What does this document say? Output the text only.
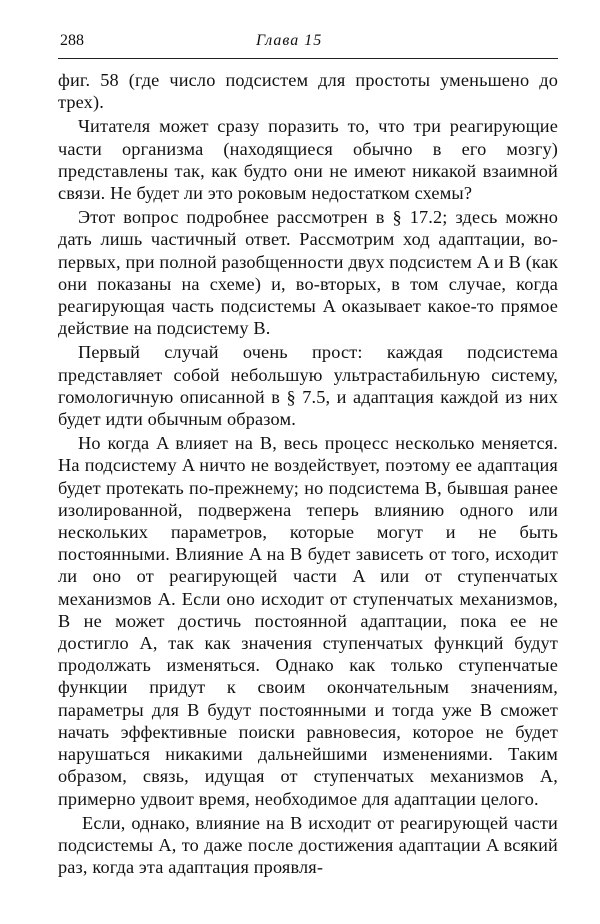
288	Глава 15

фиг. 58 (где число подсистем для простоты уменьшено до трех).

Читателя может сразу поразить то, что три реагирующие части организма (находящиеся обычно в его мозгу) представлены так, как будто они не имеют никакой взаимной связи. Не будет ли это роковым недостатком схемы?

Этот вопрос подробнее рассмотрен в § 17.2; здесь можно дать лишь частичный ответ. Рассмотрим ход адаптации, во-первых, при полной разобщенности двух подсистем A и B (как они показаны на схеме) и, во-вторых, в том случае, когда реагирующая часть подсистемы A оказывает какое-то прямое действие на подсистему B.

Первый случай очень прост: каждая подсистема представляет собой небольшую ультрастабильную систему, гомологичную описанной в § 7.5, и адаптация каждой из них будет идти обычным образом.

Но когда A влияет на B, весь процесс несколько меняется. На подсистему A ничто не воздействует, поэтому ее адаптация будет протекать по-прежнему; но подсистема B, бывшая ранее изолированной, подвержена теперь влиянию одного или нескольких параметров, которые могут и не быть постоянными. Влияние A на B будет зависеть от того, исходит ли оно от реагирующей части A или от ступенчатых механизмов A. Если оно исходит от ступенчатых механизмов, B не может достичь постоянной адаптации, пока ее не достигло A, так как значения ступенчатых функций будут продолжать изменяться. Однако как только ступенчатые функции придут к своим окончательным значениям, параметры для B будут постоянными и тогда уже B сможет начать эффективные поиски равновесия, которое не будет нарушаться никакими дальнейшими изменениями. Таким образом, связь, идущая от ступенчатых механизмов A, примерно удвоит время, необходимое для адаптации целого.

Если, однако, влияние на B исходит от реагирующей части подсистемы A, то даже после достижения адаптации A всякий раз, когда эта адаптация проявля-
